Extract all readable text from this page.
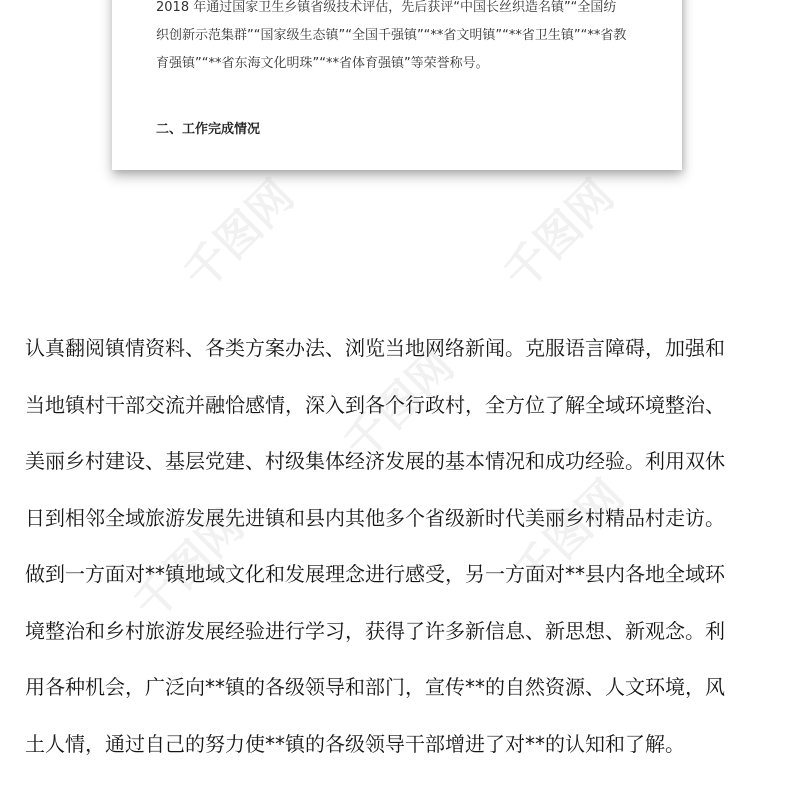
2018 年通过国家卫生乡镇省级技术评估，先后获评“中国长丝织造名镇”“全国纺
织创新示范集群”“国家级生态镇”“全国千强镇”“**省文明镇”“**省卫生镇”“**省教
育强镇”“**省东海文化明珠”“**省体育强镇”等荣誉称号。
二、工作完成情况
千图网	千图网
千图网
千图网	千图网
认真翻阅镇情资料、各类方案办法、浏览当地网络新闻。克服语言障碍，加强和
当地镇村干部交流并融恰感情，深入到各个行政村，全方位了解全域环境整治、
美丽乡村建设、基层党建、村级集体经济发展的基本情况和成功经验。利用双休
日到相邻全域旅游发展先进镇和县内其他多个省级新时代美丽乡村精品村走访。
做到一方面对**镇地域文化和发展理念进行感受，另一方面对**县内各地全域环
境整治和乡村旅游发展经验进行学习，获得了许多新信息、新思想、新观念。利
用各种机会，广泛向**镇的各级领导和部门，宣传**的自然资源、人文环境，风
土人情，通过自己的努力使**镇的各级领导干部增进了对**的认知和了解。
